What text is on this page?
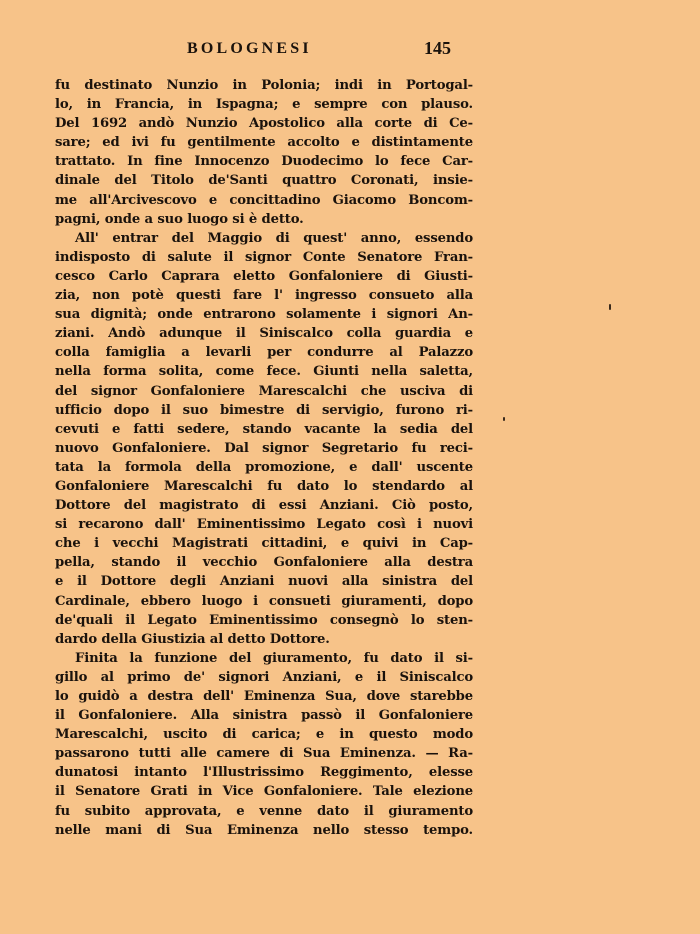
BOLOGNESI	145
fu destinato Nunzio in Polonia; indi in Portogal-
lo, in Francia, in Ispagna; e sempre con plauso.
Del 1692 andò Nunzio Apostolico alla corte di Ce-
sare; ed ivi fu gentilmente accolto e distintamente
trattato. In fine Innocenzo Duodecimo lo fece Car-
dinale del Titolo de'Santi quattro Coronati, insie-
me all'Arcivescovo e concittadino Giacomo Boncom-
pagni, onde a suo luogo si è detto.
All' entrar del Maggio di quest' anno, essendo
indisposto di salute il signor Conte Senatore Fran-
cesco Carlo Caprara eletto Gonfaloniere di Giusti-
zia, non potè questi fare l' ingresso consueto alla
sua dignità; onde entrarono solamente i signori An-
ziani. Andò adunque il Siniscalco colla guardia e
colla famiglia a levarli per condurre al Palazzo
nella forma solita, come fece. Giunti nella saletta,
del signor Gonfaloniere Marescalchi che usciva di
ufficio dopo il suo bimestre di servigio, furono ri-
cevuti e fatti sedere, stando vacante la sedia del
nuovo Gonfaloniere. Dal signor Segretario fu reci-
tata la formola della promozione, e dall' uscente
Gonfaloniere Marescalchi fu dato lo stendardo al
Dottore del magistrato di essi Anziani. Ciò posto,
si recarono dall' Eminentissimo Legato così i nuovi
che i vecchi Magistrati cittadini, e quivi in Cap-
pella, stando il vecchio Gonfaloniere alla destra
e il Dottore degli Anziani nuovi alla sinistra del
Cardinale, ebbero luogo i consueti giuramenti, dopo
de'quali il Legato Eminentissimo consegnò lo sten-
dardo della Giustizia al detto Dottore.
Finita la funzione del giuramento, fu dato il si-
gillo al primo de' signori Anziani, e il Siniscalco
lo guidò a destra dell' Eminenza Sua, dove starebbe
il Gonfaloniere. Alla sinistra passò il Gonfaloniere
Marescalchi, uscito di carica; e in questo modo
passarono tutti alle camere di Sua Eminenza. — Ra-
dunatosi intanto l'Illustrissimo Reggimento, elesse
il Senatore Grati in Vice Gonfaloniere. Tale elezione
fu subito approvata, e venne dato il giuramento
nelle mani di Sua Eminenza nello stesso tempo.
